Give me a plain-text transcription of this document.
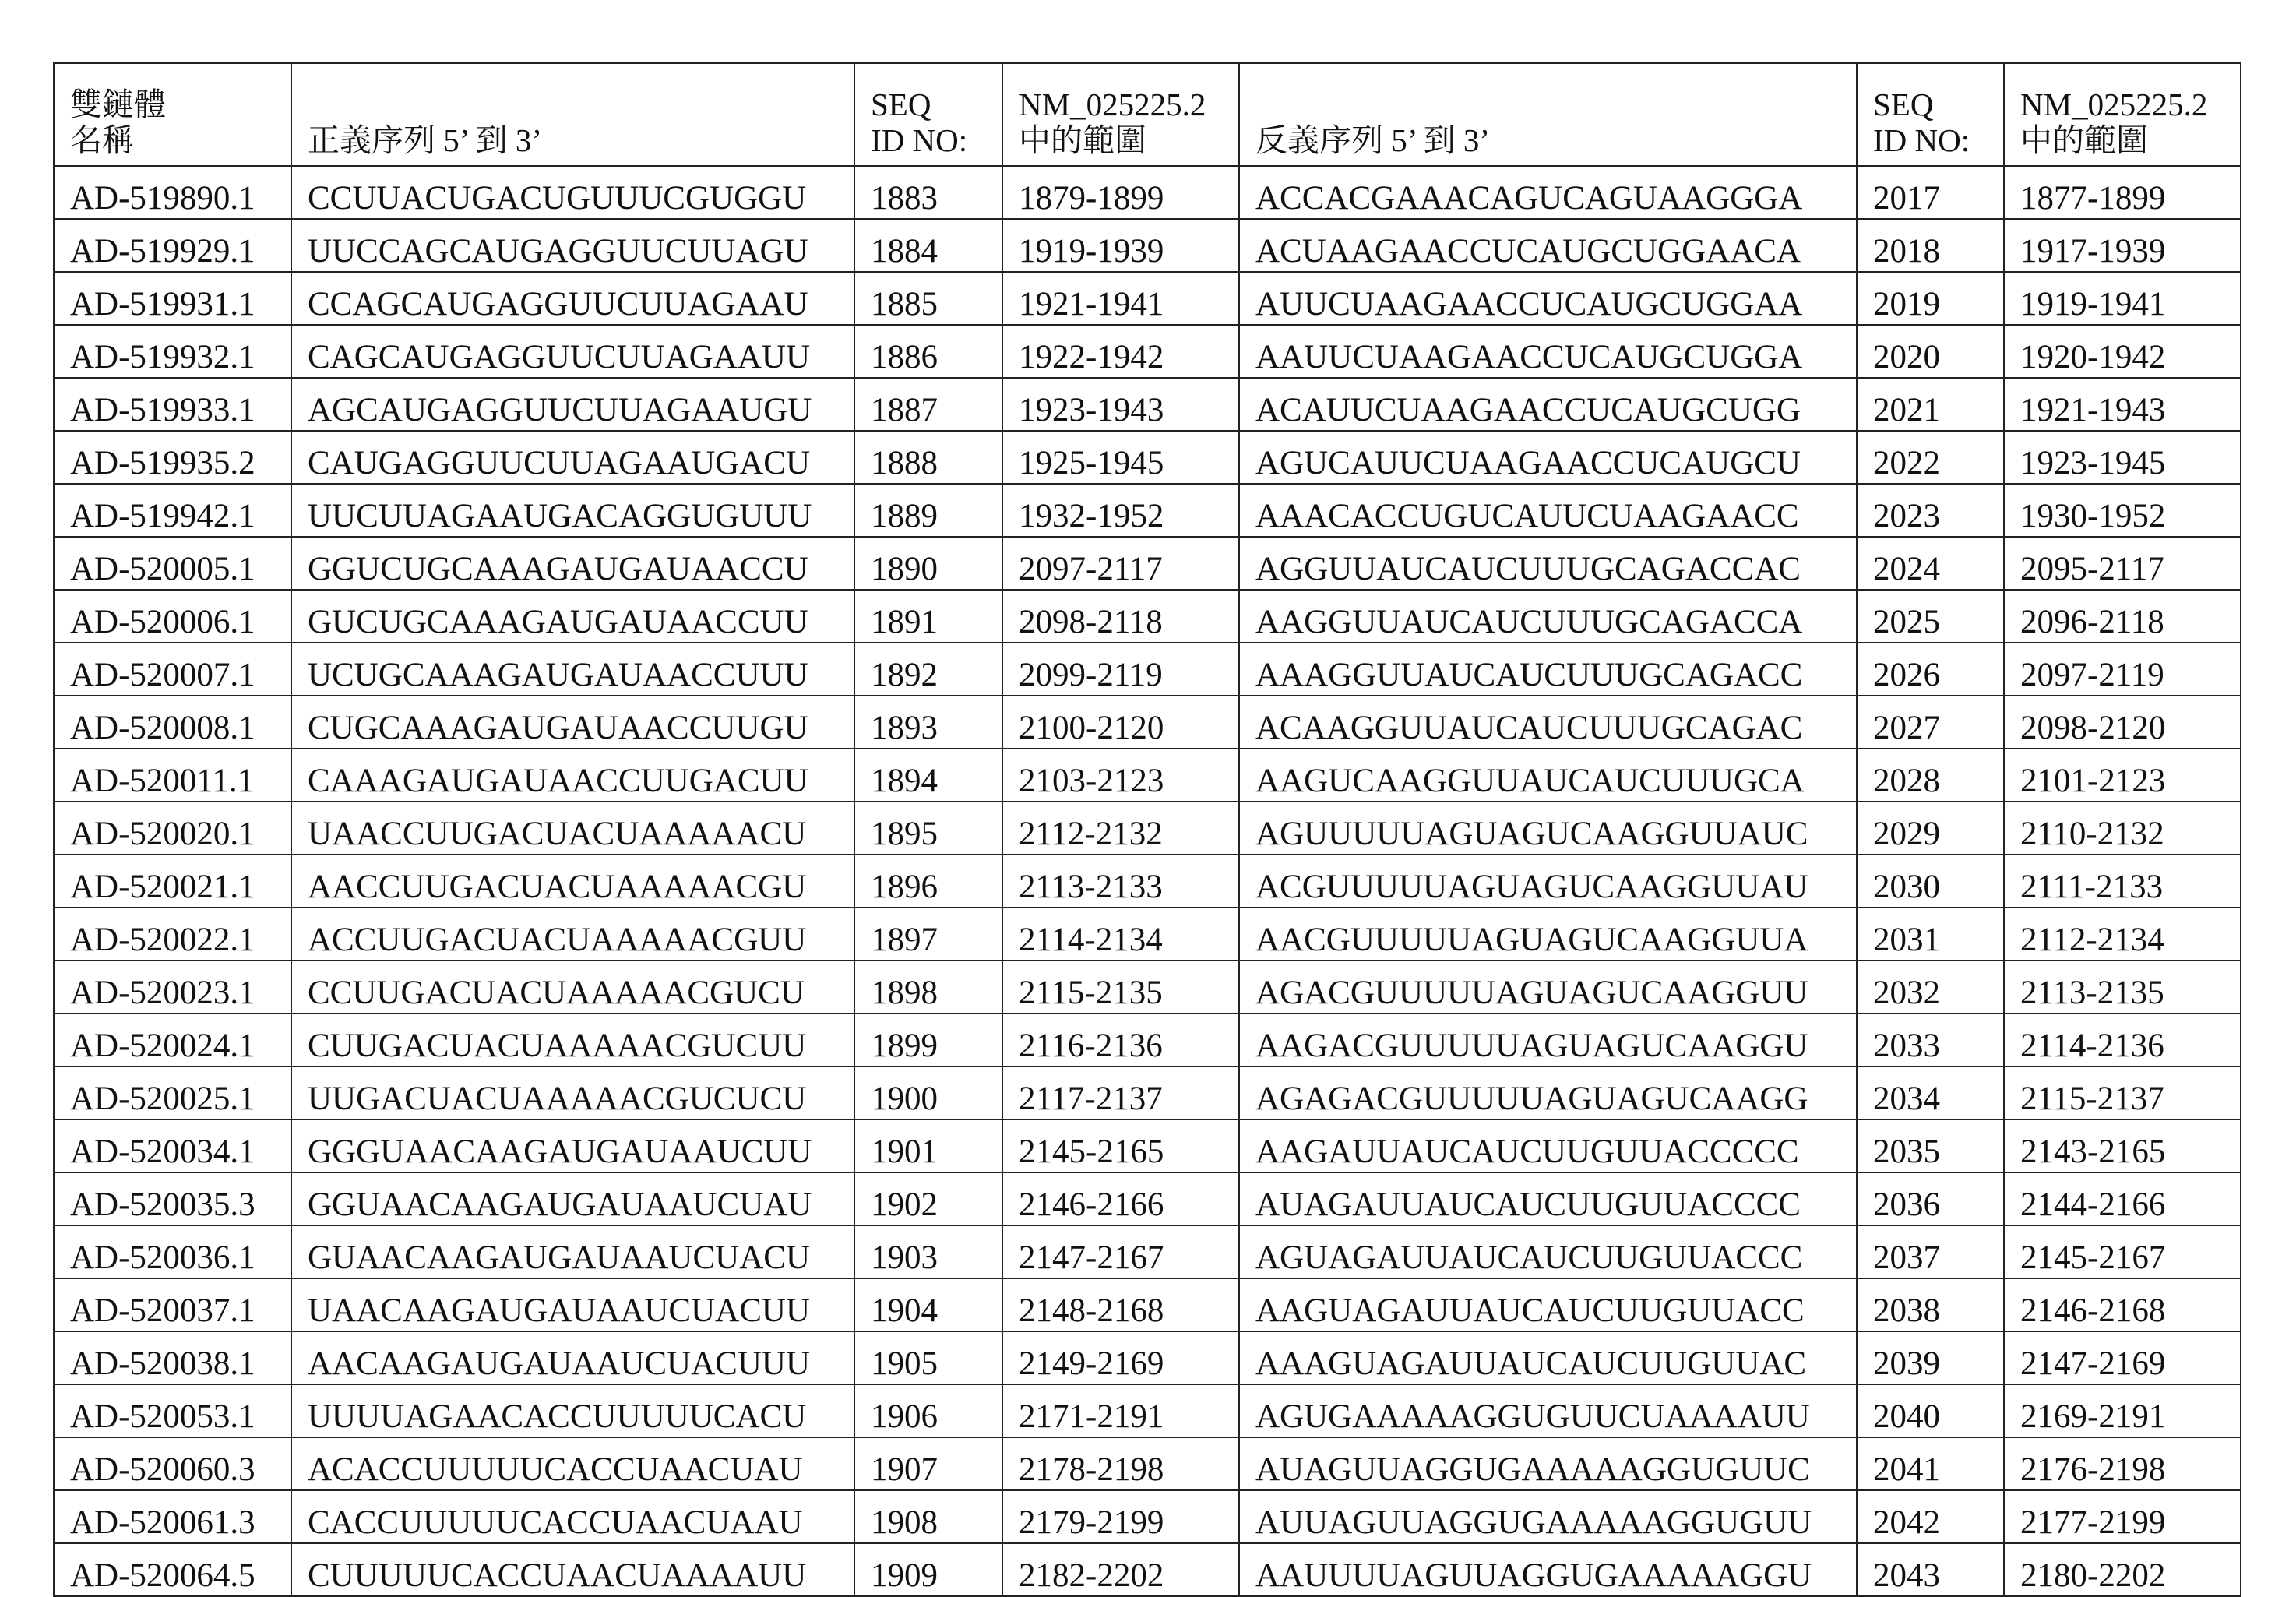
雙鏈體
名稱	正義序列 5’ 到 3’	
SEQ
ID NO:

NM_025225.2
中的範圍	反義序列 5’ 到 3’	
SEQ
ID NO:

NM_025225.2
中的範圍

AD-519890.1	CCUUACUGACUGUUUCGUGGU	1883	1879-1899	ACCACGAAACAGUCAGUAAGGGA	2017	1877-1899
AD-519929.1	UUCCAGCAUGAGGUUCUUAGU	1884	1919-1939	ACUAAGAACCUCAUGCUGGAACA	2018	1917-1939
AD-519931.1	CCAGCAUGAGGUUCUUAGAAU	1885	1921-1941	AUUCUAAGAACCUCAUGCUGGAA	2019	1919-1941
AD-519932.1	CAGCAUGAGGUUCUUAGAAUU	1886	1922-1942	AAUUCUAAGAACCUCAUGCUGGA	2020	1920-1942
AD-519933.1	AGCAUGAGGUUCUUAGAAUGU	1887	1923-1943	ACAUUCUAAGAACCUCAUGCUGG	2021	1921-1943
AD-519935.2	CAUGAGGUUCUUAGAAUGACU	1888	1925-1945	AGUCAUUCUAAGAACCUCAUGCU	2022	1923-1945
AD-519942.1	UUCUUAGAAUGACAGGUGUUU	1889	1932-1952	AAACACCUGUCAUUCUAAGAACC	2023	1930-1952
AD-520005.1	GGUCUGCAAAGAUGAUAACCU	1890	2097-2117	AGGUUAUCAUCUUUGCAGACCAC	2024	2095-2117
AD-520006.1	GUCUGCAAAGAUGAUAACCUU	1891	2098-2118	AAGGUUAUCAUCUUUGCAGACCA	2025	2096-2118
AD-520007.1	UCUGCAAAGAUGAUAACCUUU	1892	2099-2119	AAAGGUUAUCAUCUUUGCAGACC	2026	2097-2119
AD-520008.1	CUGCAAAGAUGAUAACCUUGU	1893	2100-2120	ACAAGGUUAUCAUCUUUGCAGAC	2027	2098-2120
AD-520011.1	CAAAGAUGAUAACCUUGACUU	1894	2103-2123	AAGUCAAGGUUAUCAUCUUUGCA	2028	2101-2123
AD-520020.1	UAACCUUGACUACUAAAAACU	1895	2112-2132	AGUUUUUAGUAGUCAAGGUUAUC	2029	2110-2132
AD-520021.1	AACCUUGACUACUAAAAACGU	1896	2113-2133	ACGUUUUUAGUAGUCAAGGUUAU	2030	2111-2133
AD-520022.1	ACCUUGACUACUAAAAACGUU	1897	2114-2134	AACGUUUUUAGUAGUCAAGGUUA	2031	2112-2134
AD-520023.1	CCUUGACUACUAAAAACGUCU	1898	2115-2135	AGACGUUUUUAGUAGUCAAGGUU	2032	2113-2135
AD-520024.1	CUUGACUACUAAAAACGUCUU	1899	2116-2136	AAGACGUUUUUAGUAGUCAAGGU	2033	2114-2136
AD-520025.1	UUGACUACUAAAAACGUCUCU	1900	2117-2137	AGAGACGUUUUUAGUAGUCAAGG	2034	2115-2137
AD-520034.1	GGGUAACAAGAUGAUAAUCUU	1901	2145-2165	AAGAUUAUCAUCUUGUUACCCCC	2035	2143-2165
AD-520035.3	GGUAACAAGAUGAUAAUCUAU	1902	2146-2166	AUAGAUUAUCAUCUUGUUACCCC	2036	2144-2166
AD-520036.1	GUAACAAGAUGAUAAUCUACU	1903	2147-2167	AGUAGAUUAUCAUCUUGUUACCC	2037	2145-2167
AD-520037.1	UAACAAGAUGAUAAUCUACUU	1904	2148-2168	AAGUAGAUUAUCAUCUUGUUACC	2038	2146-2168
AD-520038.1	AACAAGAUGAUAAUCUACUUU	1905	2149-2169	AAAGUAGAUUAUCAUCUUGUUAC	2039	2147-2169
AD-520053.1	UUUUAGAACACCUUUUUCACU	1906	2171-2191	AGUGAAAAAGGUGUUCUAAAAUU	2040	2169-2191
AD-520060.3	ACACCUUUUUCACCUAACUAU	1907	2178-2198	AUAGUUAGGUGAAAAAGGUGUUC	2041	2176-2198
AD-520061.3	CACCUUUUUCACCUAACUAAU	1908	2179-2199	AUUAGUUAGGUGAAAAAGGUGUU	2042	2177-2199
AD-520064.5	CUUUUUCACCUAACUAAAAUU	1909	2182-2202	AAUUUUAGUUAGGUGAAAAAGGU	2043	2180-2202
